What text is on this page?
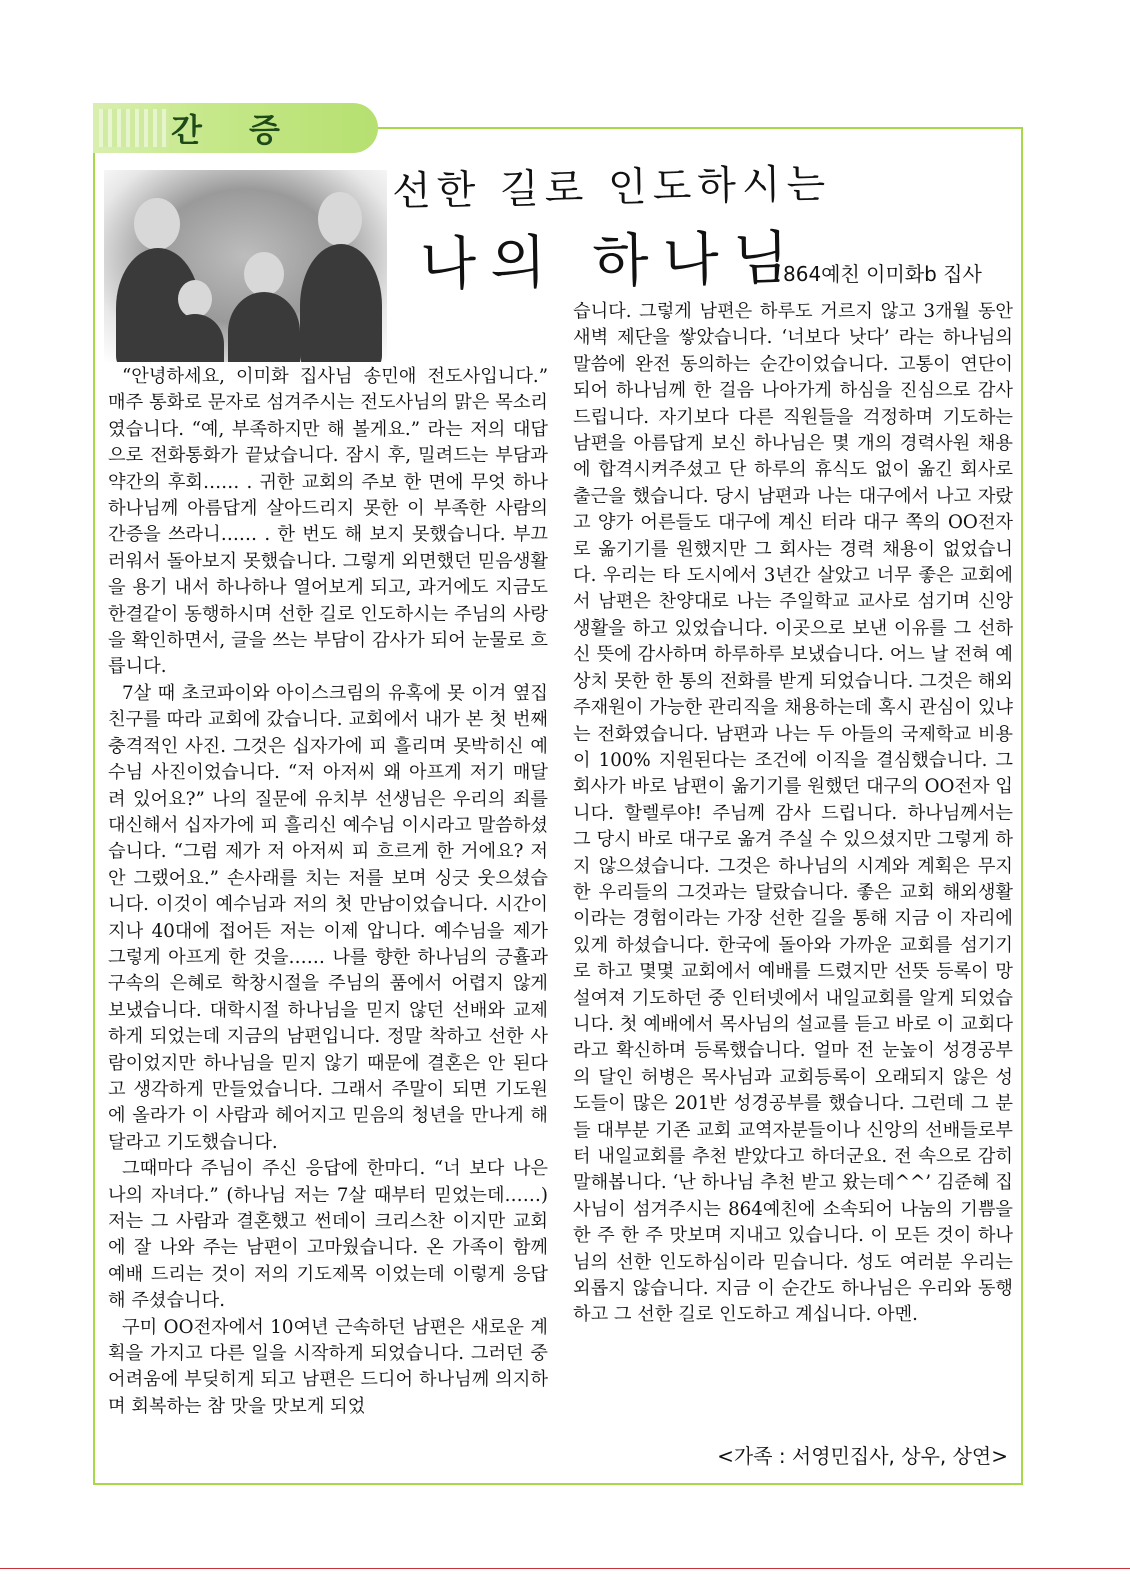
간 증
선한 길로 인도하시는
나의 하나님
864예친 이미화b 집사

“안녕하세요, 이미화 집사님 송민애 전도사입니다.” 매주 통화로 문자로 섬겨주시는 전도사님의 맑은 목소리였습니다. “예, 부족하지만 해 볼게요.” 라는 저의 대답으로 전화통화가 끝났습니다. 잠시 후, 밀려드는 부담과 약간의 후회…… . 귀한 교회의 주보 한 면에 무엇 하나 하나님께 아름답게 살아드리지 못한 이 부족한 사람의 간증을 쓰라니…… . 한 번도 해 보지 못했습니다. 부끄러워서 돌아보지 못했습니다. 그렇게 외면했던 믿음생활을 용기 내서 하나하나 열어보게 되고, 과거에도 지금도 한결같이 동행하시며 선한 길로 인도하시는 주님의 사랑을 확인하면서, 글을 쓰는 부담이 감사가 되어 눈물로 흐릅니다.

7살 때 초코파이와 아이스크림의 유혹에 못 이겨 옆집 친구를 따라 교회에 갔습니다. 교회에서 내가 본 첫 번째 충격적인 사진. 그것은 십자가에 피 흘리며 못박히신 예수님 사진이었습니다. “저 아저씨 왜 아프게 저기 매달려 있어요?” 나의 질문에 유치부 선생님은 우리의 죄를 대신해서 십자가에 피 흘리신 예수님 이시라고 말씀하셨습니다. “그럼 제가 저 아저씨 피 흐르게 한 거에요? 저 안 그랬어요.” 손사래를 치는 저를 보며 싱긋 웃으셨습니다. 이것이 예수님과 저의 첫 만남이었습니다. 시간이 지나 40대에 접어든 저는 이제 압니다. 예수님을 제가 그렇게 아프게 한 것을…… 나를 향한 하나님의 긍휼과 구속의 은혜로 학창시절을 주님의 품에서 어렵지 않게 보냈습니다. 대학시절 하나님을 믿지 않던 선배와 교제하게 되었는데 지금의 남편입니다. 정말 착하고 선한 사람이었지만 하나님을 믿지 않기 때문에 결혼은 안 된다고 생각하게 만들었습니다. 그래서 주말이 되면 기도원에 올라가 이 사람과 헤어지고 믿음의 청년을 만나게 해 달라고 기도했습니다.

그때마다 주님이 주신 응답에 한마디. “너 보다 나은 나의 자녀다.” (하나님 저는 7살 때부터 믿었는데……) 저는 그 사람과 결혼했고 썬데이 크리스찬 이지만 교회에 잘 나와 주는 남편이 고마웠습니다. 온 가족이 함께 예배 드리는 것이 저의 기도제목 이었는데 이렇게 응답해 주셨습니다.

구미 OO전자에서 10여년 근속하던 남편은 새로운 계획을 가지고 다른 일을 시작하게 되었습니다. 그러던 중 어려움에 부딪히게 되고 남편은 드디어 하나님께 의지하며 회복하는 참 맛을 맛보게 되었

습니다. 그렇게 남편은 하루도 거르지 않고 3개월 동안 새벽 제단을 쌓았습니다. ‘너보다 낫다’ 라는 하나님의 말씀에 완전 동의하는 순간이었습니다. 고통이 연단이 되어 하나님께 한 걸음 나아가게 하심을 진심으로 감사 드립니다. 자기보다 다른 직원들을 걱정하며 기도하는 남편을 아름답게 보신 하나님은 몇 개의 경력사원 채용에 합격시켜주셨고 단 하루의 휴식도 없이 옮긴 회사로 출근을 했습니다. 당시 남편과 나는 대구에서 나고 자랐고 양가 어른들도 대구에 계신 터라 대구 쪽의 OO전자로 옮기기를 원했지만 그 회사는 경력 채용이 없었습니다. 우리는 타 도시에서 3년간 살았고 너무 좋은 교회에서 남편은 찬양대로 나는 주일학교 교사로 섬기며 신앙생활을 하고 있었습니다. 이곳으로 보낸 이유를 그 선하신 뜻에 감사하며 하루하루 보냈습니다. 어느 날 전혀 예상치 못한 한 통의 전화를 받게 되었습니다. 그것은 해외 주재원이 가능한 관리직을 채용하는데 혹시 관심이 있냐는 전화였습니다. 남편과 나는 두 아들의 국제학교 비용이 100% 지원된다는 조건에 이직을 결심했습니다. 그 회사가 바로 남편이 옮기기를 원했던 대구의 OO전자 입니다. 할렐루야! 주님께 감사 드립니다. 하나님께서는 그 당시 바로 대구로 옮겨 주실 수 있으셨지만 그렇게 하지 않으셨습니다. 그것은 하나님의 시계와 계획은 무지한 우리들의 그것과는 달랐습니다. 좋은 교회 해외생활이라는 경험이라는 가장 선한 길을 통해 지금 이 자리에 있게 하셨습니다. 한국에 돌아와 가까운 교회를 섬기기로 하고 몇몇 교회에서 예배를 드렸지만 선뜻 등록이 망설여져 기도하던 중 인터넷에서 내일교회를 알게 되었습니다. 첫 예배에서 목사님의 설교를 듣고 바로 이 교회다 라고 확신하며 등록했습니다. 얼마 전 눈높이 성경공부의 달인 허병은 목사님과 교회등록이 오래되지 않은 성도들이 많은 201반 성경공부를 했습니다. 그런데 그 분들 대부분 기존 교회 교역자분들이나 신앙의 선배들로부터 내일교회를 추천 받았다고 하더군요. 전 속으로 감히 말해봅니다. ‘난 하나님 추천 받고 왔는데^^’ 김준혜 집사님이 섬겨주시는 864예친에 소속되어 나눔의 기쁨을 한 주 한 주 맛보며 지내고 있습니다. 이 모든 것이 하나님의 선한 인도하심이라 믿습니다. 성도 여러분 우리는 외롭지 않습니다. 지금 이 순간도 하나님은 우리와 동행하고 그 선한 길로 인도하고 계십니다. 아멘.

<가족 : 서영민집사, 상우, 상연>
